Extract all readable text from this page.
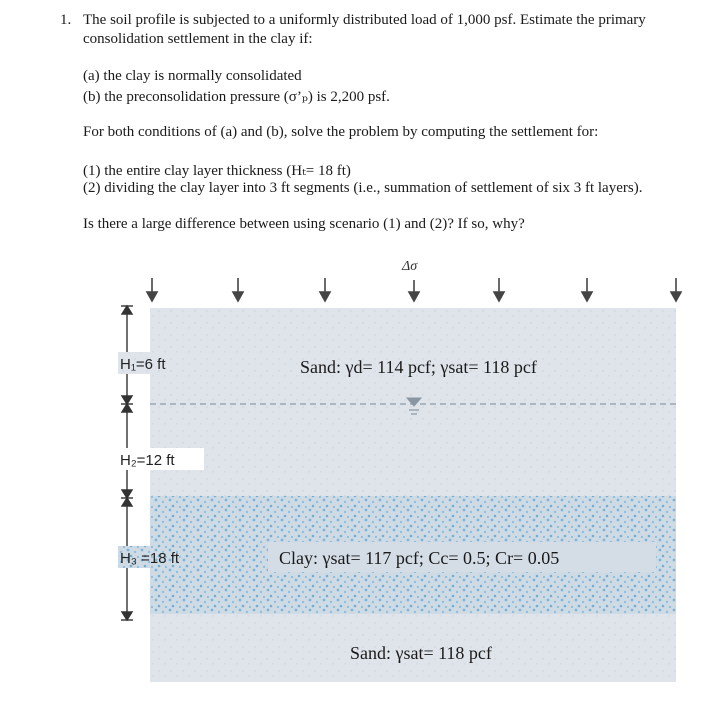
1. The soil profile is subjected to a uniformly distributed load of 1,000 psf. Estimate the primary
consolidation settlement in the clay if:
(a) the clay is normally consolidated
(b) the preconsolidation pressure (σ’ₚ) is 2,200 psf.
For both conditions of (a) and (b), solve the problem by computing the settlement for:
(1) the entire clay layer thickness (Hₜ= 18 ft)
(2) dividing the clay layer into 3 ft segments (i.e., summation of settlement of six 3 ft layers).
Is there a large difference between using scenario (1) and (2)? If so, why?
Δσ
H₁=6 ft
H₂=12 ft
H₃ =18 ft
Sand: γd= 114 pcf; γsat= 118 pcf
Clay: γsat= 117 pcf; Cc= 0.5; Cr= 0.05
Sand: γsat= 118 pcf
